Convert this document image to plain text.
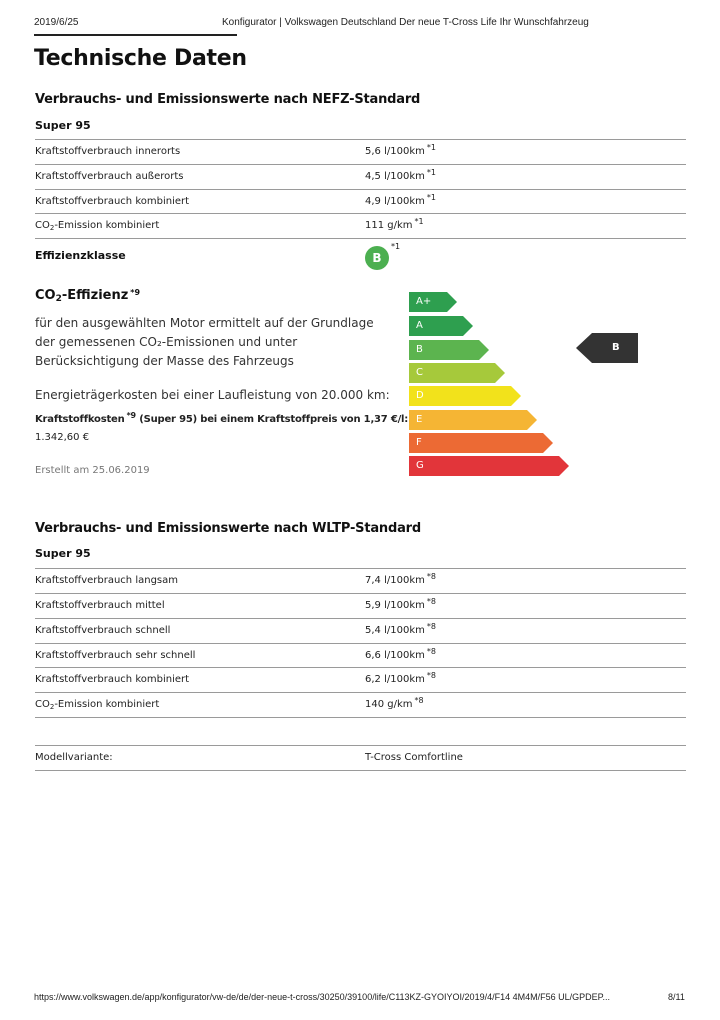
2019/6/25	Konfigurator | Volkswagen Deutschland Der neue T-Cross Life Ihr Wunschfahrzeug
Technische Daten
Verbrauchs- und Emissionswerte nach NEFZ-Standard
Super 95
Kraftstoffverbrauch innerorts	5,6 l/100km $^{*1}$
Kraftstoffverbrauch außerorts	4,5 l/100km $^{*1}$
Kraftstoffverbrauch kombiniert	4,9 l/100km $^{*1}$
$CO_2$-Emission kombiniert	111 g/km $^{*1}$
Effizienzklasse	B
*1
$CO_2$-Effizienz $^{*9}$
für den ausgewählten Motor ermittelt auf der Grundlage
der gemessenen CO₂-Emissionen und unter
Berücksichtigung der Masse des Fahrzeugs
Energieträgerkosten bei einer Laufleistung von 20.000 km:
Kraftstoffkosten $^{*9}$ (Super 95) bei einem Kraftstoffpreis von 1,37 €/l:
1.342,60 €
Erstellt am 25.06.2019
A+
A
B
C
D
E
F
G
B
Verbrauchs- und Emissionswerte nach WLTP-Standard
Super 95
Kraftstoffverbrauch langsam	7,4 l/100km $^{*8}$
Kraftstoffverbrauch mittel	5,9 l/100km $^{*8}$
Kraftstoffverbrauch schnell	5,4 l/100km $^{*8}$
Kraftstoffverbrauch sehr schnell	6,6 l/100km $^{*8}$
Kraftstoffverbrauch kombiniert	6,2 l/100km $^{*8}$
$CO_2$-Emission kombiniert	140 g/km $^{*8}$
Modellvariante:	T-Cross Comfortline
https://www.volkswagen.de/app/konfigurator/vw-de/de/der-neue-t-cross/30250/39100/life/C113KZ-GYOIYOI/2019/4/F14 4M4M/F56 UL/GPDEP...	8/11
